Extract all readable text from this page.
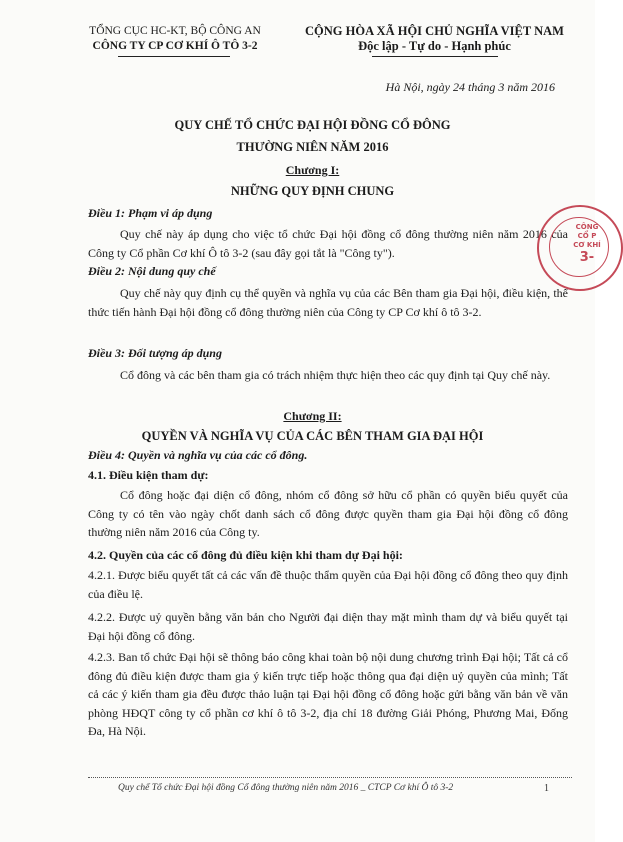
TỔNG CỤC HC-KT, BỘ CÔNG AN
CÔNG TY CP CƠ KHÍ Ô TÔ 3-2
CỘNG HÒA XÃ HỘI CHỦ NGHĨA VIỆT NAM
Độc lập - Tự do - Hạnh phúc
Hà Nội, ngày 24 tháng 3 năm 2016
QUY CHẾ TỔ CHỨC ĐẠI HỘI ĐỒNG CỔ ĐÔNG
THƯỜNG NIÊN NĂM 2016
Chương I:
NHỮNG QUY ĐỊNH CHUNG
Điều 1: Phạm vi áp dụng

Quy chế này áp dụng cho việc tổ chức Đại hội đồng cổ đông thường niên năm 2016 của Công ty Cổ phần Cơ khí Ô tô 3-2 (sau đây gọi tắt là "Công ty").

Điều 2: Nội dung quy chế

Quy chế này quy định cụ thể quyền và nghĩa vụ của các Bên tham gia Đại hội, điều kiện, thể thức tiến hành Đại hội đồng cổ đông thường niên của Công ty CP Cơ khí ô tô 3-2.

Điều 3: Đối tượng áp dụng

Cổ đông và các bên tham gia có trách nhiệm thực hiện theo các quy định tại Quy chế này.

Chương II:
QUYỀN VÀ NGHĨA VỤ CỦA CÁC BÊN THAM GIA ĐẠI HỘI
Điều 4: Quyền và nghĩa vụ của các cổ đông.
4.1. Điều kiện tham dự:

Cổ đông hoặc đại diện cổ đông, nhóm cổ đông sở hữu cổ phần có quyền biểu quyết của Công ty có tên vào ngày chốt danh sách cổ đông được quyền tham gia Đại hội đồng cổ đông thường niên năm 2016 của Công ty.

4.2. Quyền của các cổ đông đủ điều kiện khi tham dự Đại hội:

4.2.1. Được biểu quyết tất cả các vấn đề thuộc thẩm quyền của Đại hội đồng cổ đông theo quy định của điều lệ.

4.2.2. Được uỷ quyền bằng văn bản cho Người đại diện thay mặt mình tham dự và biểu quyết tại Đại hội đồng cổ đông.

4.2.3. Ban tổ chức Đại hội sẽ thông báo công khai toàn bộ nội dung chương trình Đại hội; Tất cả cổ đông đủ điều kiện được tham gia ý kiến trực tiếp hoặc thông qua đại diện uỷ quyền của mình; Tất cả các ý kiến tham gia đều được thảo luận tại Đại hội đồng cổ đông hoặc gửi bằng văn bản về văn phòng HĐQT công ty cổ phần cơ khí ô tô 3-2, địa chỉ 18 đường Giải Phóng, Phương Mai, Đống Đa, Hà Nội.

Quy chế Tổ chức Đại hội đồng Cổ đông thường niên năm 2016 _ CTCP Cơ khí Ô tô 3-2	1
CÔNG
CỔ P
CƠ KHÍ
3-
